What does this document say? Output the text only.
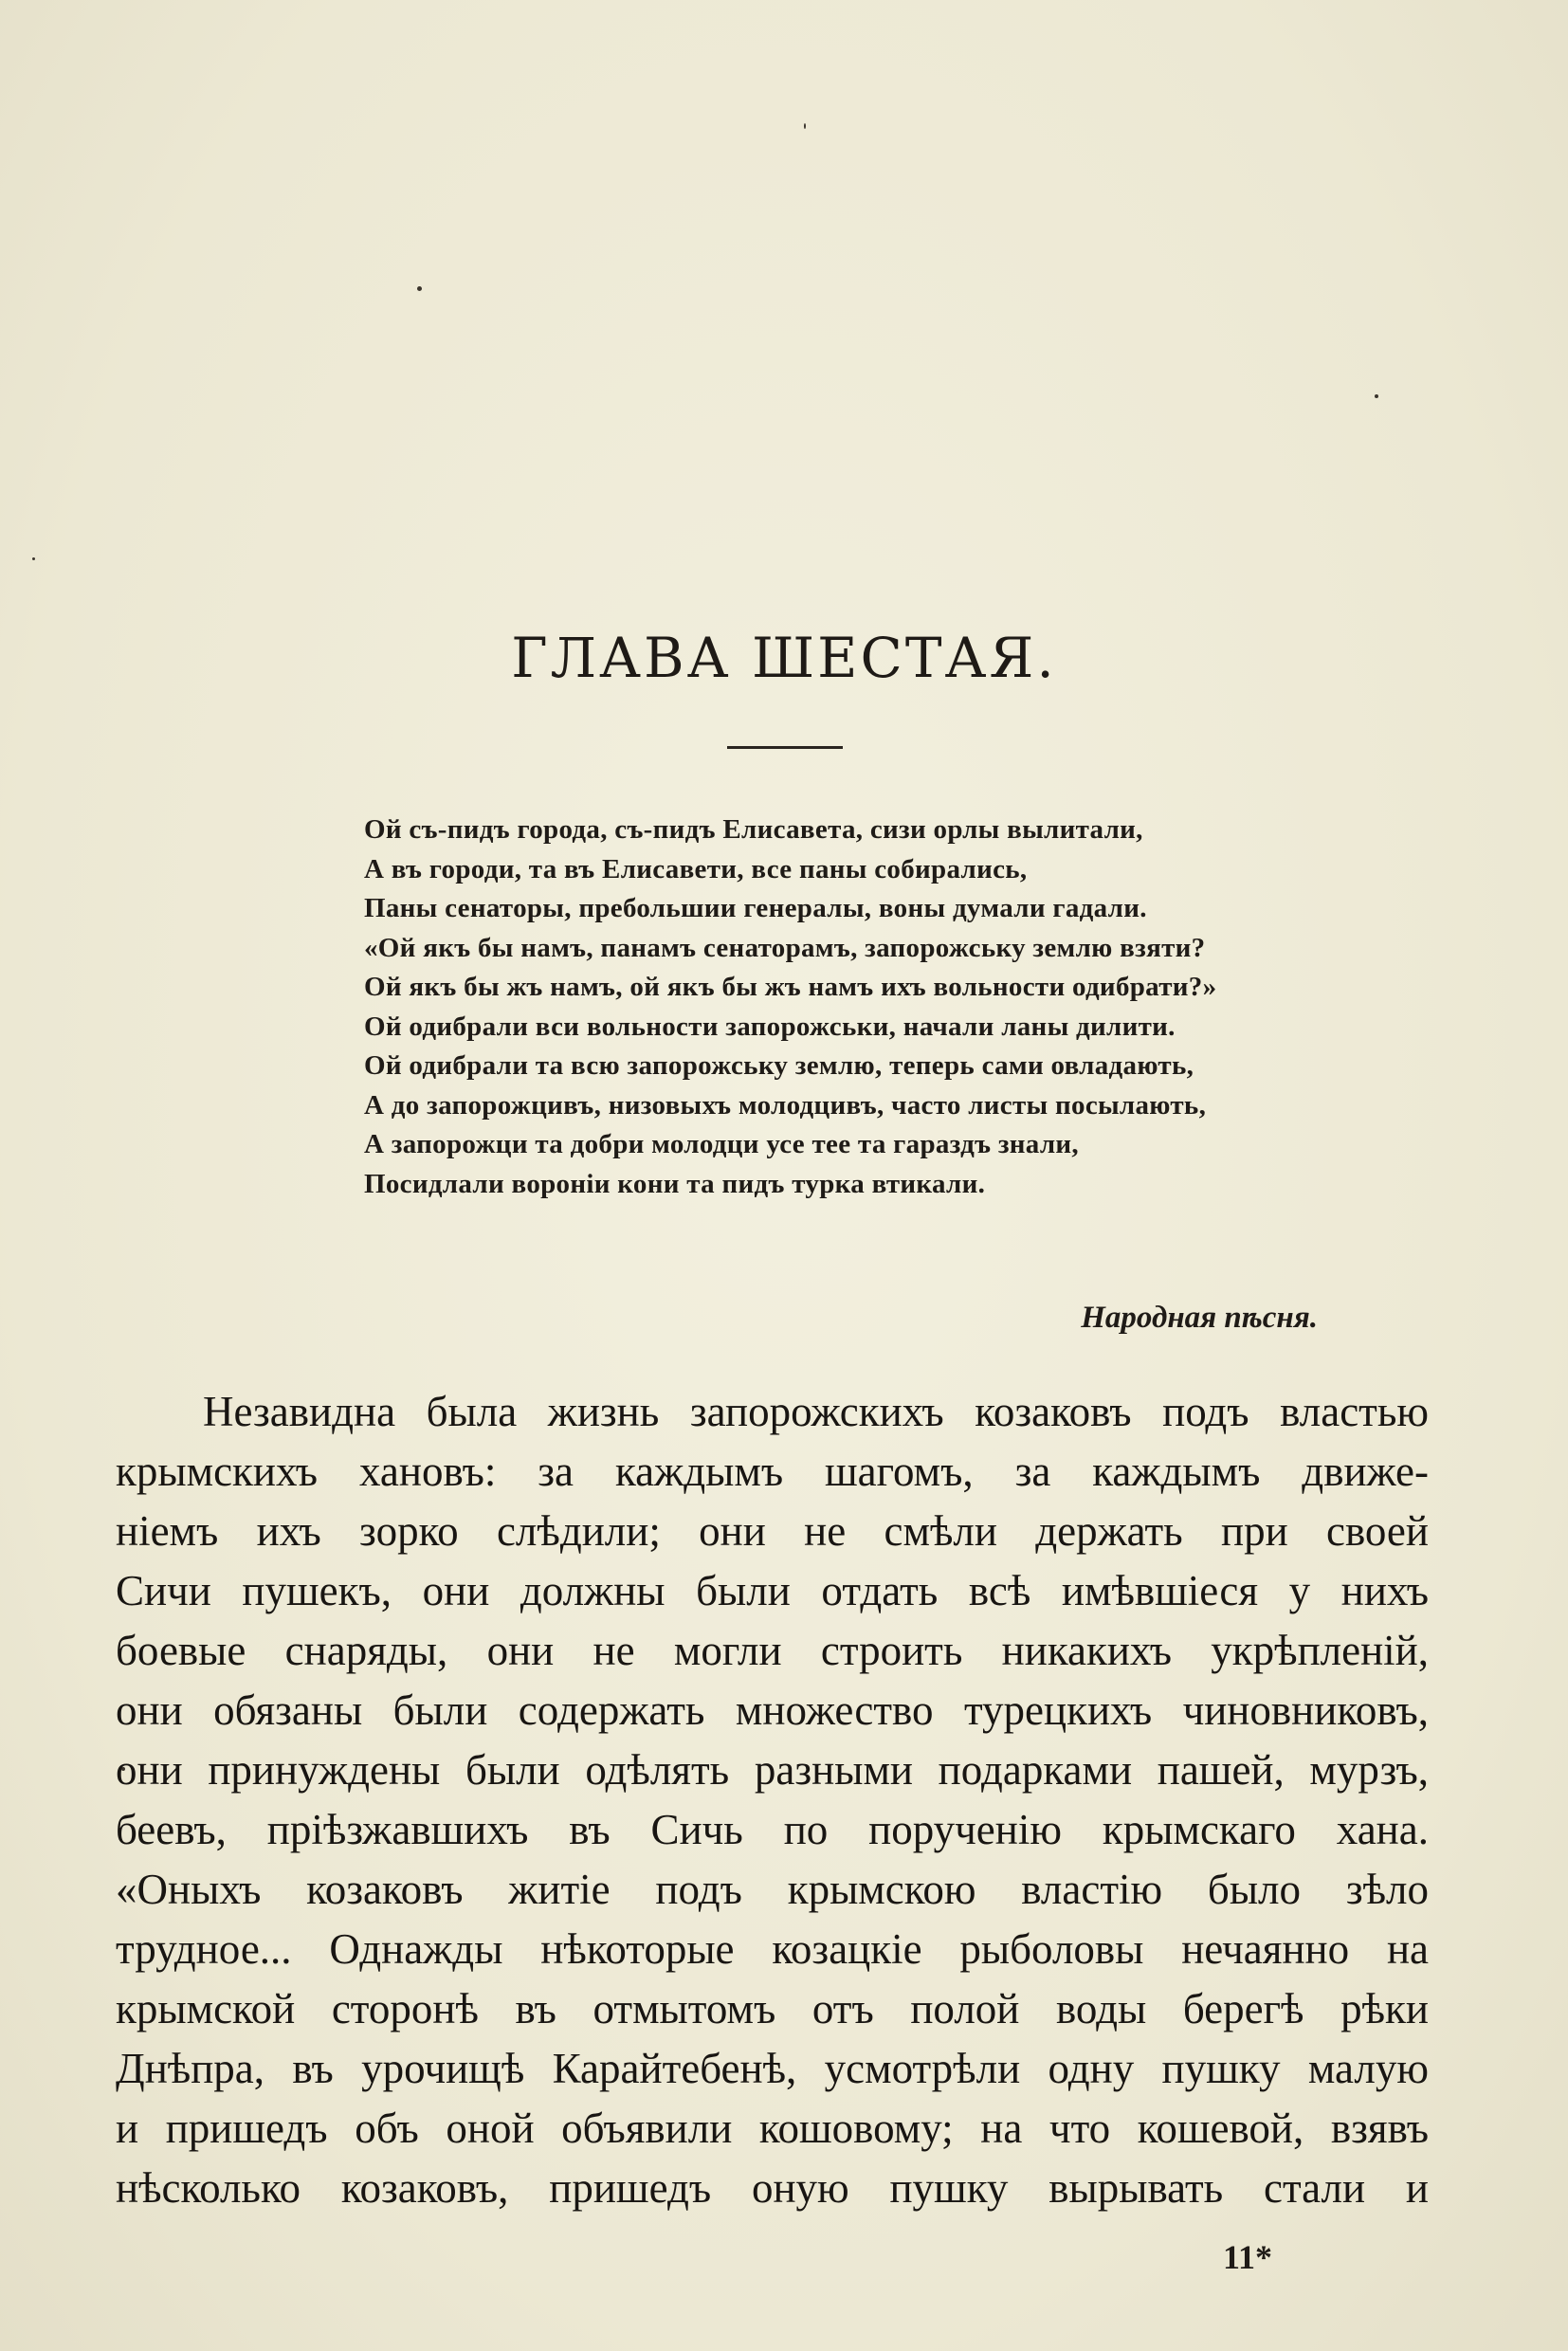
ГЛАВА ШЕСТАЯ.
Ой съ-пидъ города, съ-пидъ Елисавета, сизи орлы вылитали,
А въ городи, та въ Елисавети, все паны собирались,
Паны сенаторы, пребольшии генералы, воны думали гадали.
«Ой якъ бы намъ, панамъ сенаторамъ, запорожську землю взяти?
Ой якъ бы жъ намъ, ой якъ бы жъ намъ ихъ вольности одибрати?»
Ой одибрали вси вольности запорожськи, начали ланы дилити.
Ой одибрали та всю запорожську землю, теперь сами овладають,
А до запорожцивъ, низовыхъ молодцивъ, часто листы посылають,
А запорожци та добри молодци усе тее та гараздъ знали,
Посидлали вороніи кони та пидъ турка втикали.
Народная пѣсня.
Незавидна была жизнь запорожскихъ козаковъ подъ властью
крымскихъ хановъ: за каждымъ шагомъ, за каждымъ движе-
ніемъ ихъ зорко слѣдили; они не смѣли держать при своей
Сичи пушекъ, они должны были отдать всѣ имѣвшіеся у нихъ
боевые снаряды, они не могли строить никакихъ укрѣпленій,
они обязаны были содержать множество турецкихъ чиновниковъ,
они принуждены были одѣлять разными подарками пашей, мурзъ,
беевъ, пріѣзжавшихъ въ Сичь по порученію крымскаго хана.
«Оныхъ козаковъ житіе подъ крымскою властію было зѣло
трудное... Однажды нѣкоторые козацкіе рыболовы нечаянно на
крымской сторонѣ въ отмытомъ отъ полой воды берегѣ рѣки
Днѣпра, въ урочищѣ Карайтебенѣ, усмотрѣли одну пушку малую
и пришедъ объ оной объявили кошовому; на что кошевой, взявъ
нѣсколько козаковъ, пришедъ оную пушку вырывать стали и
11*
